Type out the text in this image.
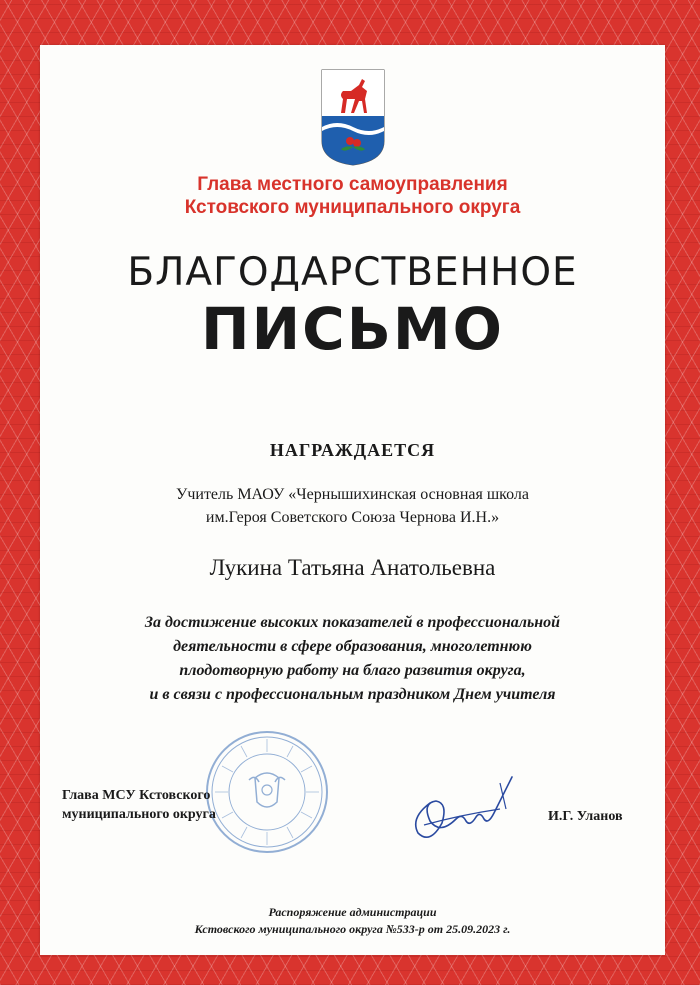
Глава местного самоуправления
Кстовского муниципального округа
БЛАГОДАРСТВЕННОЕ
ПИСЬМО
НАГРАЖДАЕТСЯ
Учитель МАОУ «Чернышихинская основная школа
им.Героя Советского Союза Чернова И.Н.»
Лукина Татьяна Анатольевна
За достижение высоких показателей в профессиональной
деятельности в сфере образования, многолетнюю
плодотворную работу на благо развития округа,
и в связи с профессиональным праздником Днем учителя
Глава МСУ Кстовского
муниципального округа	И.Г. Уланов
Распоряжение администрации
Кстовского муниципального округа №533-р от 25.09.2023 г.
